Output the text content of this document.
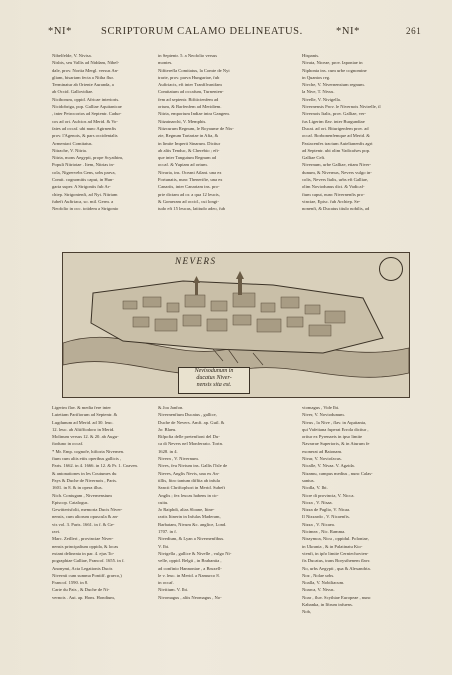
*NI*	SCRIPTORUM CALAMO DELINEATUS.	*NI*	261

Nibelfelde, V. Nivisa.

Nisbis, seu Vallis ad Niddam, Nibel-

dale, prov. Nortia Mergl. versus An-

gliam, bisariam fecta a Nitha flur.

Terminatur ab Oriente Auranda, a

ab Occid. Gallovidiae.

Niciborum, oppid. Africae interioris.

Nicidobriga, pop. Galliae Aquitanicae

, inter Petrocorios ad Septentr. Cadur-

cos ad ort. Aufcios ad Merid. & Vo-

fates ad occaf. ubi nunc Agirnenfis

prov. l'Agenois, & pars occidentalis

Armeniaci Comitatus.

Nitrache, V. Nitria.

Nitria, mons Aegypti, prope Scyathim,

Populi Nitriotae . Item, Nitrias in-

cola, Nigrervebs Gens, urbs parva,

Comit. cognomitis caput, in Hun-

garia super. A Strigoniis fub Ar-

chiep. Strigonienfi, ad Nyt. Nitriam

fubeft Aufiriaca, so. mil. Germ. a

Neofolio in occ. totidem a Strigonio

in Septentr. 5. a Neofolio versus

montes.

Nifiterefla Comitatus, la Comte de Nyi

trarie, prov. parva Hungariae, fub

Aufiriacis, eft inter Tranfilvanifam

Comitatum ad occafum, Turnenien-

fem ad septentr. Bifiticienfem ad

ortum, & Barfenfem ad Meridiem.

Nitria, emporium Indiae intra Gangem.

Nitzainarchi, V. Memphis.

Nitzcurum Regnum, le Royaume de Nix-

zie, Regnum Tartariae in Afia, &

in limite Imperii Sinarum. Dicitur

ab aliis Tenduc, & Cherebio ; eft-

que inter Tangutum Regnum ad

occaf. & Yupiam ad ortum.

Nivaria, ins. Oceani Atlant. una ex

Fortunatis, nunc Thenerifie, una ex

Canariis, inter Canariam ins. pro-

prie dictam ad or. a qua 12 leucis,

& Gomeram ad occid., cui longi-

tudo eft 15 leucas, latitudo adeo, fub

Hispanis.

Nivata, Niceae, prov. Iaponiae in

Niphonia ins. cum urbe cognomine

in Quantos reg.

Nivche, V. Nivernensium regnum.

la Nive, T. Nivus.

Nivelle, V. Nivigella.

Nivernensis Prov. le Nivernois Nivirelle, il

Nivernois Italis, prov. Galliae, ver-

fus Ligerim flav. inter Burgundiae

Ducat. ad ort. Biturigenfem prov. ad

occaf. Borbonenfemque ad Merid. &

Pasiacenfes tractum Autelianenfis agri

ad Septentr. ubi olim Vadicafses pop.

Galliae Celt.

Nivernum, urbe Galliae, etiam Niver-

dunum, & Nivernus, Nevers vulgo in-

colis, Nevers Italis, urbs eft Galliae,

olim Noviodunus dict. & Vadicaf-

fium caput, nunc Nivernenfis pro-

vinciae, Episc. fub Archiep. Se-

nonenfi, & Ducatus titulo nobilis, ad

NEVERS
Nevisodunum in
ducatus Niver-
nensis sita est.

Ligerim flav. & media fere inter

Lutetiam Parifiorum ad Septentr. &

Lugdunum ad Merid. ad 30. leuc.

12. leuc. ab Altiffiodoro in Merid.

Molinum versus 12. & 20. ab Augu-

ftoduno in occaf.

* Mr. Emp. cognofe, hifioria Nivernen.

fium cum aliis etiis operibus gallicis ,

Paris. 1662. in 4. 1666. in 12. & Pr. 1. Coaven.

& antonationes in les Coutumes du

Pays & Duche de Nivernois , Paris.

1601. in 8. & in opera illus.

Nich. Coniugam , Nivernensium

Episcop. Catalogus.

Gewitterisfolii, memoria Ducis Niver-

nensis, cum aliorum opuscula & an-

vis vol. 3. Paris. 1661. in f. & Ge-

ravi.

Marc. Zeilleri , provinciae Niver-

nensis principalium oppida, & locas

extant delineata in par. 4. ejus To-

pographiae Galliae, Francof. 1655. in f.

Anonymi, Acta Legationis Ducis

Nivernii cum summa Pontiff. graeco,)

Francof. 1590. in 8.

Carte du Pais , & Duche de Ni-

vernois . Aut. ap. Hons. Hondium,

& Joa Janfon.

Nivernenfium Ducatus , gallice,

Duche de Nevers. Amft. ap. Guil. &

Jo: Blaeu.

Rifpofia delle pretenfioni del Du-

ca di Nevers nel Monferrato. Torin.

1628. in 4.

Nivern , V. Nivernum.

Nives, feu Nivium ins. Gallis l'Isle de

Nieves, Anglis Nevis, una ex An-

tillis, fitro tantum diffita ab infula

Sancti Chriftophori in Merid. Subeft

Anglis ; fex leucas habens in cir-

cuitu.

Jo Raiphdi, alias Sloane, Itine-

rariis Itinerin in Infulas Maderam,

Barbatam, Nivum &c. anglice, Lond.

1707. in f.

Nivedium, & Lyan a Nivernenfibus.

V. Ibi.

Nivigella , gallice & Nivelle , vulgo Ni-

velle, oppid. Belgii , in Brabantia ,

ad confinio Hannoniae , a Bruxell-

le v. leuc. in Merid. a Namurco 8.

in occaf.

Nivitium. V. Ibi.

Nivomagus , aliis Neomagus , No-

viomagus , Vide Ibi.

Niver, V. Noviodunum.

Nivus , la Nive , flav. in Aquitania,

qui Vafeitana fuperat Errola dicitur ,

oritur ex Pyrenaeis in ipso limite

Navarrae Superioris, & in Aturum fe

exonerat ad Baionam.

Nivar, V. Noviofacus.

Nicalle, V. Nivaa. V. Agzida.

Nizamu, campus medius , nunc Calas-

sanius.

Nicdla, V. Ibi.

Nicre di provincia, V. Nicca.

Nicza , V. Nisaa.

Nizza de Paglio, V. Nicaa.

Il Nizzardo , V. Nicaenfis.

Nizza , V. Nicaea.

Nicimea , Nic. Ramma.

Niszymoa, Nicu , oppidul. Poloniae,

in Ukrania , & in Palatinatu Kio-

vienfi, in ipfo limite Cerniechovien-

fis Ducatus, trans Borysthenem flavr.

No, urbs Aegypti , qua & Alexandria.

Noz , Nolae urbs.

Noalla, V. Nobiliacum.

Noarca, V. Nivus.

Noar , fluv. Scythiae Europeae , nunc

Kabanka, in Iftrum infuens.

Nob,
